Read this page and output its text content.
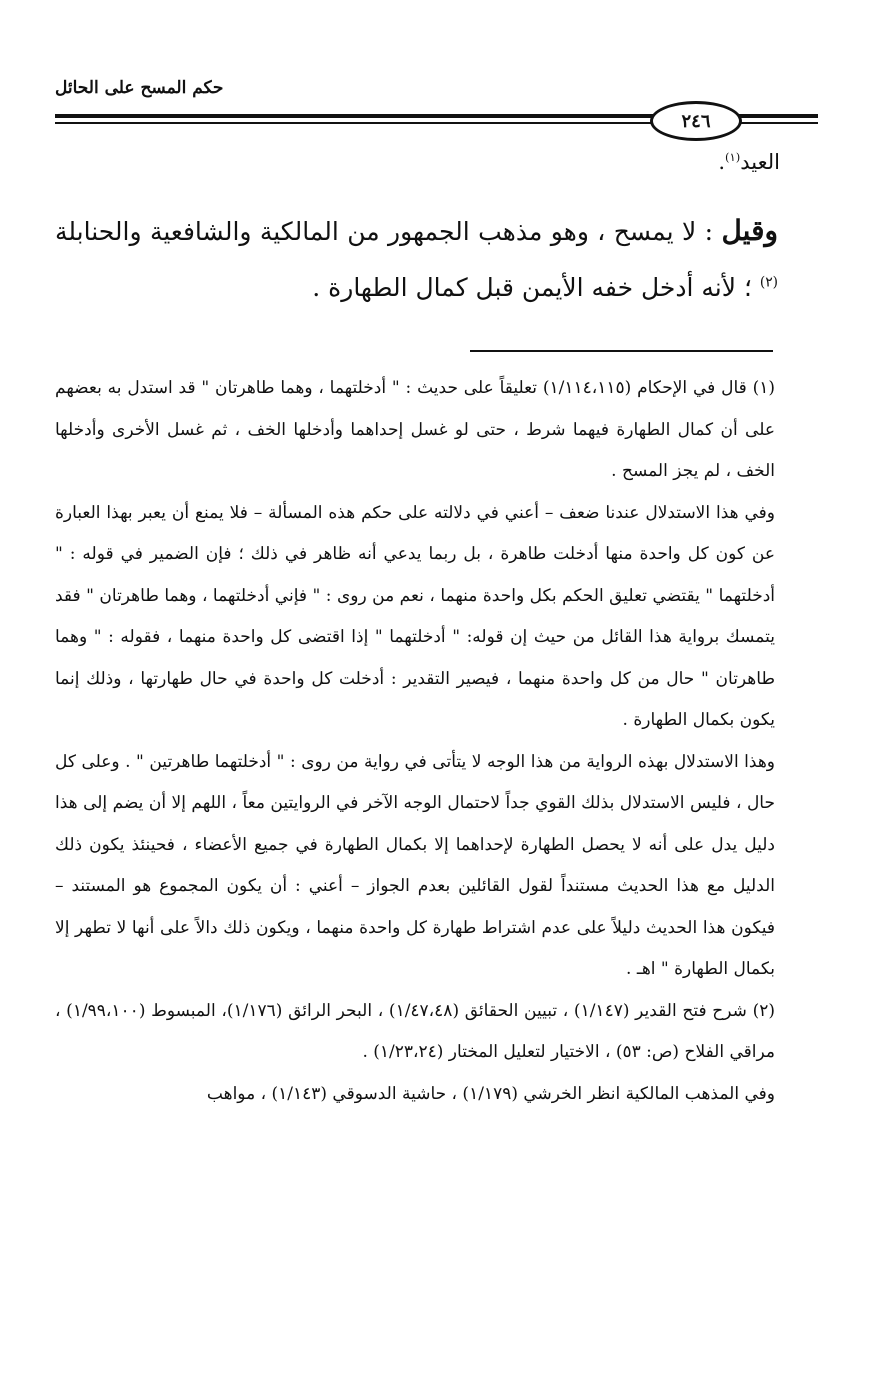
حكم المسح على الحائل
٢٤٦
العيد$^{(١)}$.
وقيل : لا يمسح ، وهو مذهب الجمهور من المالكية والشافعية والحنابلة $^{(٢)}$ ؛ لأنه أدخل خفه الأيمن قبل كمال الطهارة .

(١) قال في الإحكام (١/١١٤،١١٥) تعليقاً على حديث : " أدخلتهما ، وهما طاهرتان " قد استدل به بعضهم على أن كمال الطهارة فيهما شرط ، حتى لو غسل إحداهما وأدخلها الخف ، ثم غسل الأخرى وأدخلها الخف ، لم يجز المسح .

وفي هذا الاستدلال عندنا ضعف – أعني في دلالته على حكم هذه المسألة – فلا يمنع أن يعبر بهذا العبارة عن كون كل واحدة منها أدخلت طاهرة ، بل ربما يدعي أنه ظاهر في ذلك ؛ فإن الضمير في قوله : " أدخلتهما " يقتضي تعليق الحكم بكل واحدة منهما ، نعم من روى : " فإني أدخلتهما ، وهما طاهرتان " فقد يتمسك برواية هذا القائل من حيث إن قوله: " أدخلتهما " إذا اقتضى كل واحدة منهما ، فقوله : " وهما طاهرتان " حال من كل واحدة منهما ، فيصير التقدير : أدخلت كل واحدة في حال طهارتها ، وذلك إنما يكون بكمال الطهارة .

وهذا الاستدلال بهذه الرواية من هذا الوجه لا يتأتى في رواية من روى : " أدخلتهما طاهرتين " . وعلى كل حال ، فليس الاستدلال بذلك القوي جداً لاحتمال الوجه الآخر في الروايتين معاً ، اللهم إلا أن يضم إلى هذا دليل يدل على أنه لا يحصل الطهارة لإحداهما إلا بكمال الطهارة في جميع الأعضاء ، فحينئذ يكون ذلك الدليل مع هذا الحديث مستنداً لقول القائلين بعدم الجواز – أعني : أن يكون المجموع هو المستند – فيكون هذا الحديث دليلاً على عدم اشتراط طهارة كل واحدة منهما ، ويكون ذلك دالاً على أنها لا تطهر إلا بكمال الطهارة " اهـ .

(٢) شرح فتح القدير (١/١٤٧) ، تبيين الحقائق (١/٤٧،٤٨) ، البحر الرائق (١/١٧٦)، المبسوط (١/٩٩،١٠٠) ، مراقي الفلاح (ص: ٥٣) ، الاختيار لتعليل المختار (١/٢٣،٢٤) .

وفي المذهب المالكية انظر الخرشي (١/١٧٩) ، حاشية الدسوقي (١/١٤٣) ، مواهب
